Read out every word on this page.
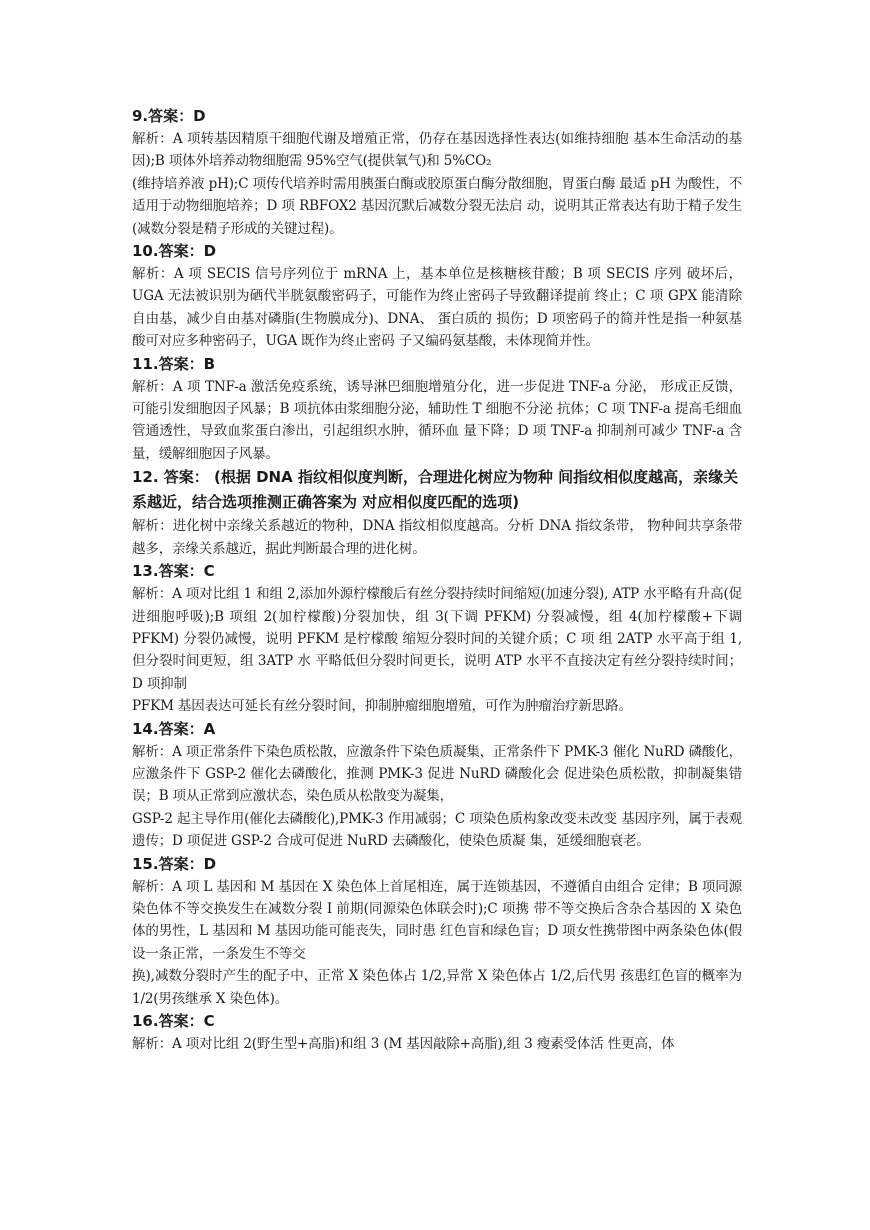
9.答案：D

解析：A 项转基因精原干细胞代谢及增殖正常，仍存在基因选择性表达(如维持细胞 基本生命活动的基因);B 项体外培养动物细胞需 95%空气(提供氧气)和 5%CO₂
(维持培养液 pH);C 项传代培养时需用胰蛋白酶或胶原蛋白酶分散细胞，胃蛋白酶 最适 pH 为酸性，不适用于动物细胞培养；D 项 RBFOX2 基因沉默后减数分裂无法启 动，说明其正常表达有助于精子发生(减数分裂是精子形成的关键过程)。

10.答案：D

解析：A 项 SECIS 信号序列位于 mRNA 上，基本单位是核糖核苷酸；B 项 SECIS 序列 破坏后，UGA 无法被识别为硒代半胱氨酸密码子，可能作为终止密码子导致翻译提前 终止；C 项 GPX 能清除自由基，减少自由基对磷脂(生物膜成分)、DNA、 蛋白质的 损伤；D 项密码子的简并性是指一种氨基酸可对应多种密码子，UGA 既作为终止密码 子又编码氨基酸，未体现简并性。

11.答案：B

解析：A 项 TNF-a 激活免疫系统，诱导淋巴细胞增殖分化，进一步促进 TNF-a 分泌， 形成正反馈，可能引发细胞因子风暴；B 项抗体由浆细胞分泌，辅助性 T 细胞不分泌 抗体；C 项 TNF-a 提高毛细血管通透性，导致血浆蛋白渗出，引起组织水肿，循环血 量下降；D 项 TNF-a 抑制剂可减少 TNF-a 含量，缓解细胞因子风暴。

12. 答案： (根据 DNA 指纹相似度判断，合理进化树应为物种 间指纹相似度越高，亲缘关系越近，结合选项推测正确答案为 对应相似度匹配的选项)

解析：进化树中亲缘关系越近的物种，DNA 指纹相似度越高。分析 DNA 指纹条带， 物种间共享条带越多，亲缘关系越近，据此判断最合理的进化树。

13.答案：C

解析：A 项对比组 1 和组 2,添加外源柠檬酸后有丝分裂持续时间缩短(加速分裂), ATP 水平略有升高(促进细胞呼吸);B 项组 2(加柠檬酸)分裂加快，组 3(下调 PFKM) 分裂减慢，组 4(加柠檬酸+下调 PFKM) 分裂仍减慢，说明 PFKM 是柠檬酸 缩短分裂时间的关键介质；C 项 组 2ATP 水平高于组 1,但分裂时间更短，组 3ATP 水 平略低但分裂时间更长，说明 ATP 水平不直接决定有丝分裂持续时间；D 项抑制
PFKM 基因表达可延长有丝分裂时间，抑制肿瘤细胞增殖，可作为肿瘤治疗新思路。

14.答案：A

解析：A 项正常条件下染色质松散，应激条件下染色质凝集，正常条件下 PMK-3 催化 NuRD 磷酸化，应激条件下 GSP-2 催化去磷酸化，推测 PMK-3 促进 NuRD 磷酸化会 促进染色质松散，抑制凝集错误；B 项从正常到应激状态，染色质从松散变为凝集，
GSP-2 起主导作用(催化去磷酸化),PMK-3 作用减弱；C 项染色质构象改变未改变 基因序列，属于表观遗传；D 项促进 GSP-2 合成可促进 NuRD 去磷酸化，使染色质凝 集，延缓细胞衰老。

15.答案：D

解析：A 项 L 基因和 M 基因在 X 染色体上首尾相连，属于连锁基因，不遵循自由组合 定律；B 项同源染色体不等交换发生在减数分裂 I 前期(同源染色体联会时);C 项携 带不等交换后含杂合基因的 X 染色体的男性，L 基因和 M 基因功能可能丧失，同时患 红色盲和绿色盲；D 项女性携带图中两条染色体(假设一条正常，一条发生不等交
换),减数分裂时产生的配子中，正常 X 染色体占 1/2,异常 X 染色体占 1/2,后代男 孩患红色盲的概率为 1/2(男孩继承 X 染色体)。

16.答案：C

解析：A 项对比组 2(野生型+高脂)和组 3 (M 基因敲除+高脂),组 3 瘦素受体活 性更高，体
